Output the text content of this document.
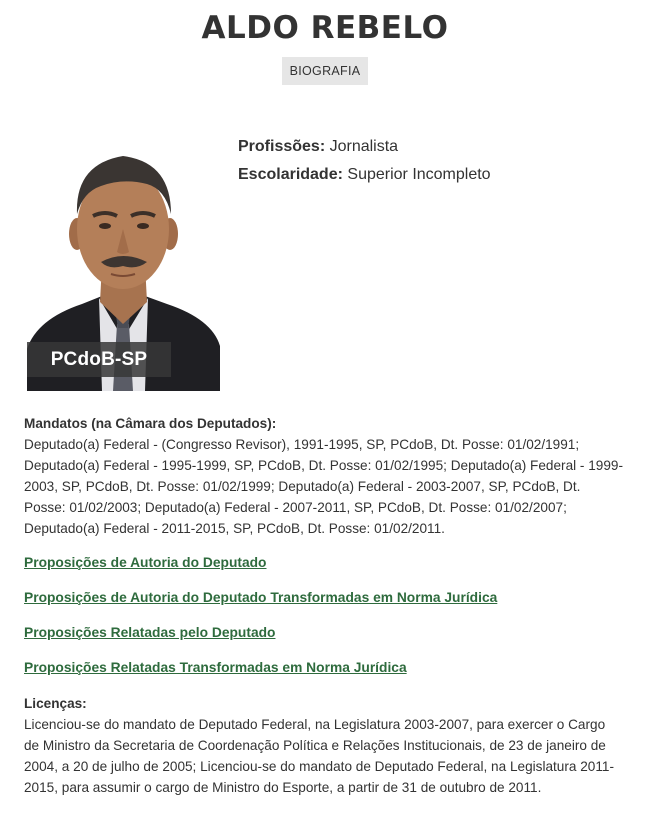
ALDO REBELO
BIOGRAFIA
PCdoB-SP
Profissões: Jornalista
Escolaridade: Superior Incompleto
Mandatos (na Câmara dos Deputados):
Deputado(a) Federal - (Congresso Revisor), 1991-1995, SP, PCdoB, Dt. Posse: 01/02/1991; Deputado(a) Federal - 1995-1999, SP, PCdoB, Dt. Posse: 01/02/1995; Deputado(a) Federal - 1999-2003, SP, PCdoB, Dt. Posse: 01/02/1999; Deputado(a) Federal - 2003-2007, SP, PCdoB, Dt. Posse: 01/02/2003; Deputado(a) Federal - 2007-2011, SP, PCdoB, Dt. Posse: 01/02/2007; Deputado(a) Federal - 2011-2015, SP, PCdoB, Dt. Posse: 01/02/2011.
Proposições de Autoria do Deputado
Proposições de Autoria do Deputado Transformadas em Norma Jurídica
Proposições Relatadas pelo Deputado
Proposições Relatadas Transformadas em Norma Jurídica
Licenças:
Licenciou-se do mandato de Deputado Federal, na Legislatura 2003-2007, para exercer o Cargo de Ministro da Secretaria de Coordenação Política e Relações Institucionais, de 23 de janeiro de 2004, a 20 de julho de 2005; Licenciou-se do mandato de Deputado Federal, na Legislatura 2011-2015, para assumir o cargo de Ministro do Esporte, a partir de 31 de outubro de 2011.
